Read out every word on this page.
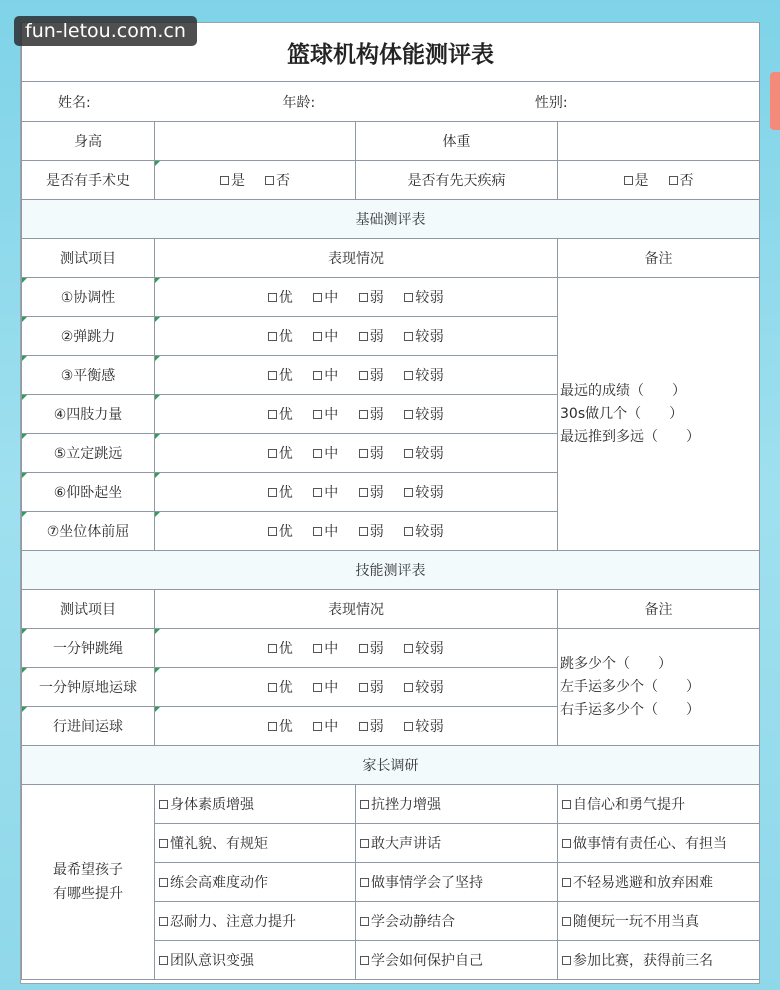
fun-letou.com.cn
篮球机构体能测评表			
姓名: 年龄: 性别:			
身高		体重	
是否有手术史	是 否	是否有先天疾病	是 否
基础测评表			
测试项目	表现情况		备注
①协调性	优 中 弱 较弱		最远的成绩（　　）
30s做几个（　　）
最远推到多远（　　）

②弹跳力	优 中 弱 较弱		
③平衡感	优 中 弱 较弱		
④四肢力量	优 中 弱 较弱		
⑤立定跳远	优 中 弱 较弱		
⑥仰卧起坐	优 中 弱 较弱		
⑦坐位体前屈	优 中 弱 较弱		
技能测评表			
测试项目	表现情况		备注
一分钟跳绳	优 中 弱 较弱		跳多少个（　　）
左手运多少个（　　）
右手运多少个（　　）

一分钟原地运球	优 中 弱 较弱		
行进间运球	优 中 弱 较弱		
家长调研			

最希望孩子
有哪些提升	身体素质增强	抗挫力增强	自信心和勇气提升
	懂礼貌、有规矩	敢大声讲话	做事情有责任心、有担当
	练会高难度动作	做事情学会了坚持	不轻易逃避和放弃困难
	忍耐力、注意力提升	学会动静结合	随便玩一玩不用当真
	团队意识变强	学会如何保护自己	参加比赛，获得前三名
